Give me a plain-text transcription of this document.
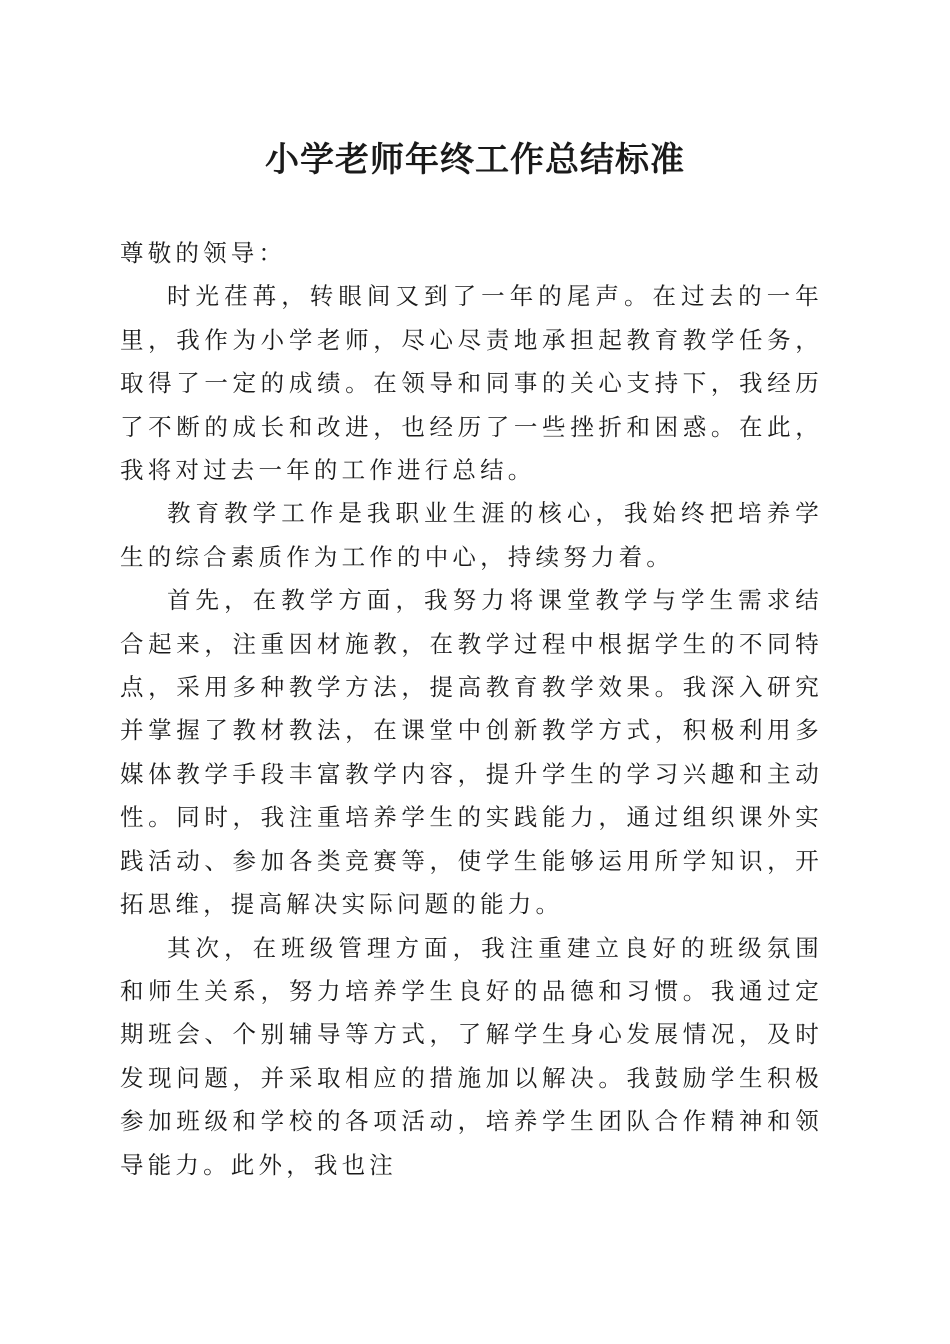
小学老师年终工作总结标准

尊敬的领导：

时光荏苒，转眼间又到了一年的尾声。在过去的一年里，我作为小学老师，尽心尽责地承担起教育教学任务，取得了一定的成绩。在领导和同事的关心支持下，我经历了不断的成长和改进，也经历了一些挫折和困惑。在此，我将对过去一年的工作进行总结。

教育教学工作是我职业生涯的核心，我始终把培养学生的综合素质作为工作的中心，持续努力着。

首先，在教学方面，我努力将课堂教学与学生需求结合起来，注重因材施教，在教学过程中根据学生的不同特点，采用多种教学方法，提高教育教学效果。我深入研究并掌握了教材教法，在课堂中创新教学方式，积极利用多媒体教学手段丰富教学内容，提升学生的学习兴趣和主动性。同时，我注重培养学生的实践能力，通过组织课外实践活动、参加各类竞赛等，使学生能够运用所学知识，开拓思维，提高解决实际问题的能力。

其次，在班级管理方面，我注重建立良好的班级氛围和师生关系，努力培养学生良好的品德和习惯。我通过定期班会、个别辅导等方式，了解学生身心发展情况，及时发现问题，并采取相应的措施加以解决。我鼓励学生积极参加班级和学校的各项活动，培养学生团队合作精神和领导能力。此外，我也注
